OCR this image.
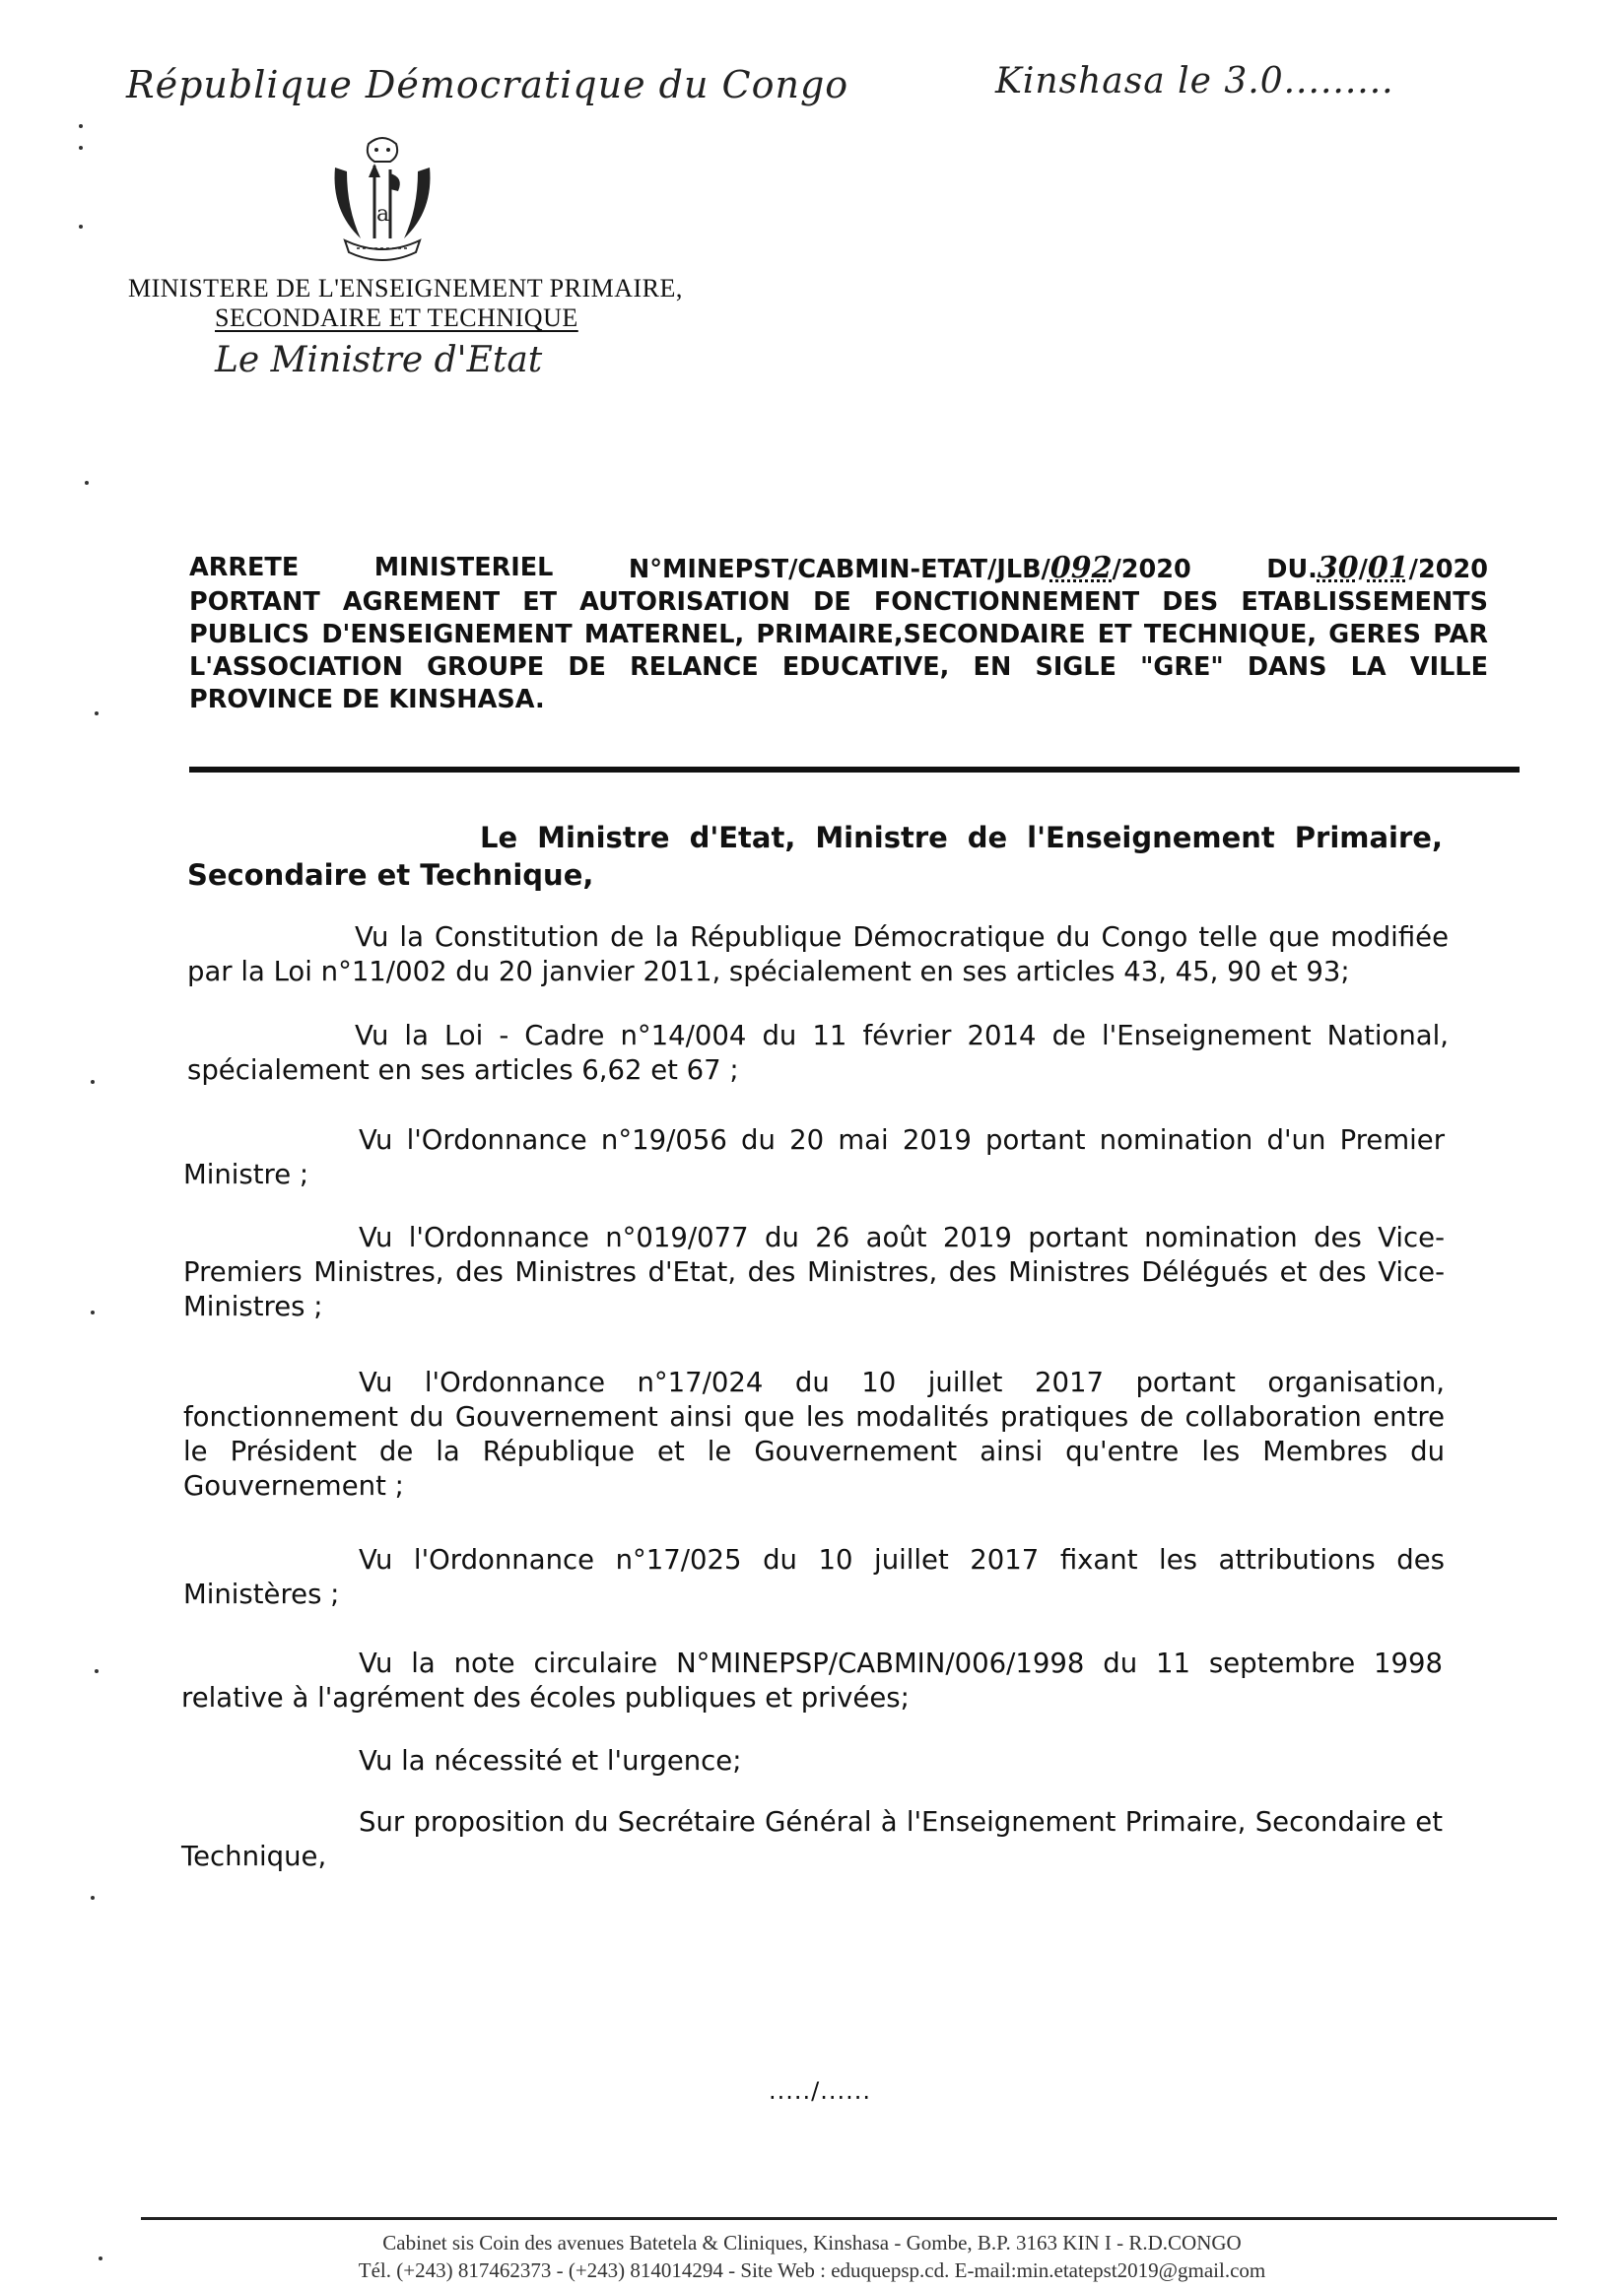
République Démocratique du Congo	Kinshasa le 3.0.........
a
MINISTERE DE L'ENSEIGNEMENT PRIMAIRE,
SECONDAIRE ET TECHNIQUE
Le Ministre d'Etat
ARRETE	MINISTERIEL	N°MINEPST/CABMIN-ETAT/JLB/092/2020	DU.30/01/2020
PORTANT AGREMENT ET AUTORISATION DE FONCTIONNEMENT DES ETABLISSEMENTS
PUBLICS D'ENSEIGNEMENT MATERNEL, PRIMAIRE,SECONDAIRE ET TECHNIQUE, GERES PAR
L'ASSOCIATION GROUPE DE RELANCE EDUCATIVE, EN SIGLE "GRE" DANS LA VILLE
PROVINCE DE KINSHASA.
Le Ministre d'Etat, Ministre de l'Enseignement Primaire,
Secondaire et Technique,
Vu la Constitution de la République Démocratique du Congo telle que modifiée
par la Loi n°11/002 du 20 janvier 2011, spécialement en ses articles 43, 45, 90 et 93;
Vu la Loi - Cadre n°14/004 du 11 février 2014 de l'Enseignement National,
spécialement en ses articles 6,62 et 67 ;
Vu l'Ordonnance n°19/056 du 20 mai 2019 portant nomination d'un Premier
Ministre ;
Vu l'Ordonnance n°019/077 du 26 août 2019 portant nomination des Vice-
Premiers Ministres, des Ministres d'Etat, des Ministres, des Ministres Délégués et des Vice-Ministres ;
Vu l'Ordonnance n°17/024 du 10 juillet 2017 portant organisation,
fonctionnement du Gouvernement ainsi que les modalités pratiques de collaboration entre le Président de la République et le Gouvernement ainsi qu'entre les Membres du Gouvernement ;
Vu l'Ordonnance n°17/025 du 10 juillet 2017 fixant les attributions des
Ministères ;
Vu la note circulaire N°MINEPSP/CABMIN/006/1998 du 11 septembre 1998
relative à l'agrément des écoles publiques et privées;
Vu la nécessité et l'urgence;
Sur proposition du Secrétaire Général à l'Enseignement Primaire, Secondaire et
Technique,
...../......
Cabinet sis Coin des avenues Batetela & Cliniques, Kinshasa - Gombe, B.P. 3163 KIN I - R.D.CONGO
Tél. (+243) 817462373 - (+243) 814014294 - Site Web : eduquepsp.cd. E-mail:min.etatepst2019@gmail.com
